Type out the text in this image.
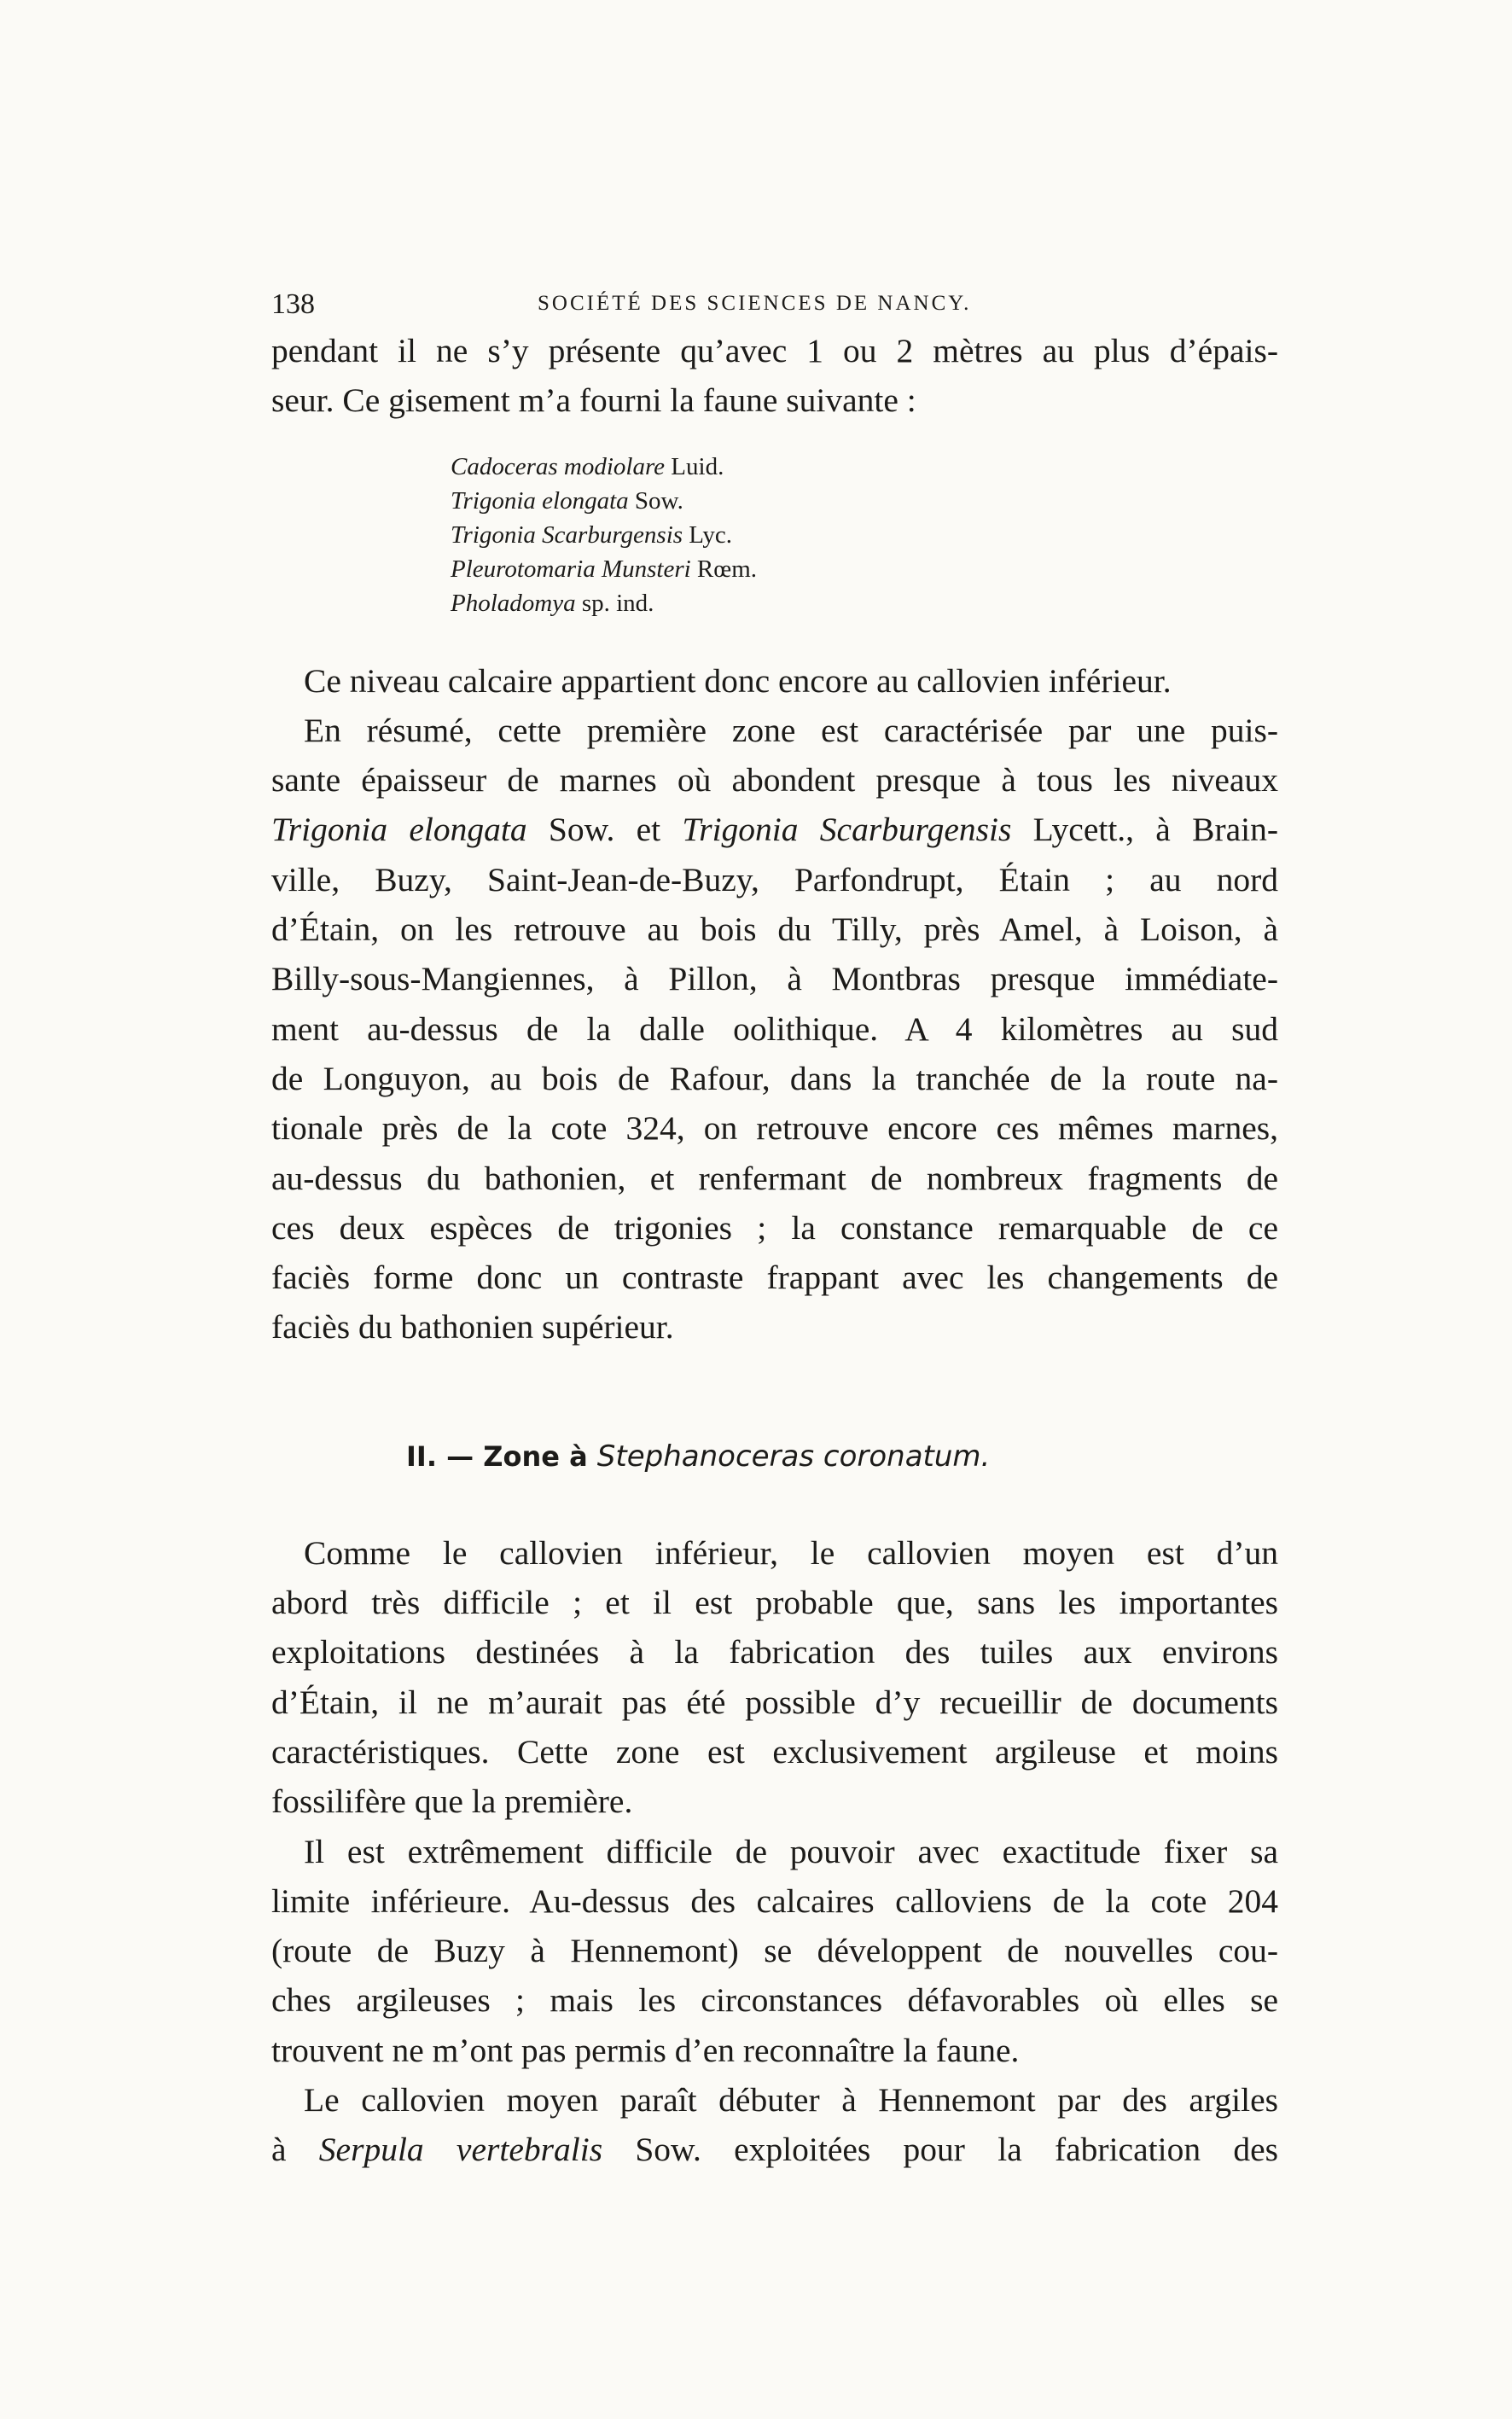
138	SOCIÉTÉ DES SCIENCES DE NANCY.

pendant il ne s’y présente qu’avec 1 ou 2 mètres au plus d’épais-
seur. Ce gisement m’a fourni la faune suivante :

Cadoceras modiolare Luid.
Trigonia elongata Sow.
Trigonia Scarburgensis Lyc.
Pleurotomaria Munsteri Rœm.
Pholadomya sp. ind.

Ce niveau calcaire appartient donc encore au callovien inférieur.

En résumé, cette première zone est caractérisée par une puis-
sante épaisseur de marnes où abondent presque à tous les niveaux
Trigonia elongata Sow. et Trigonia Scarburgensis Lycett., à Brain-
ville, Buzy, Saint-Jean-de-Buzy, Parfondrupt, Étain ; au nord
d’Étain, on les retrouve au bois du Tilly, près Amel, à Loison, à
Billy-sous-Mangiennes, à Pillon, à Montbras presque immédiate-
ment au-dessus de la dalle oolithique. A 4 kilomètres au sud
de Longuyon, au bois de Rafour, dans la tranchée de la route na-
tionale près de la cote 324, on retrouve encore ces mêmes marnes,
au-dessus du bathonien, et renfermant de nombreux fragments de
ces deux espèces de trigonies ; la constance remarquable de ce
faciès forme donc un contraste frappant avec les changements de
faciès du bathonien supérieur.

II. — Zone à Stephanoceras coronatum.

Comme le callovien inférieur, le callovien moyen est d’un
abord très difficile ; et il est probable que, sans les importantes
exploitations destinées à la fabrication des tuiles aux environs
d’Étain, il ne m’aurait pas été possible d’y recueillir de documents
caractéristiques. Cette zone est exclusivement argileuse et moins
fossilifère que la première.

Il est extrêmement difficile de pouvoir avec exactitude fixer sa
limite inférieure. Au-dessus des calcaires calloviens de la cote 204
(route de Buzy à Hennemont) se développent de nouvelles cou-
ches argileuses ; mais les circonstances défavorables où elles se
trouvent ne m’ont pas permis d’en reconnaître la faune.

Le callovien moyen paraît débuter à Hennemont par des argiles
à Serpula vertebralis Sow. exploitées pour la fabrication des
